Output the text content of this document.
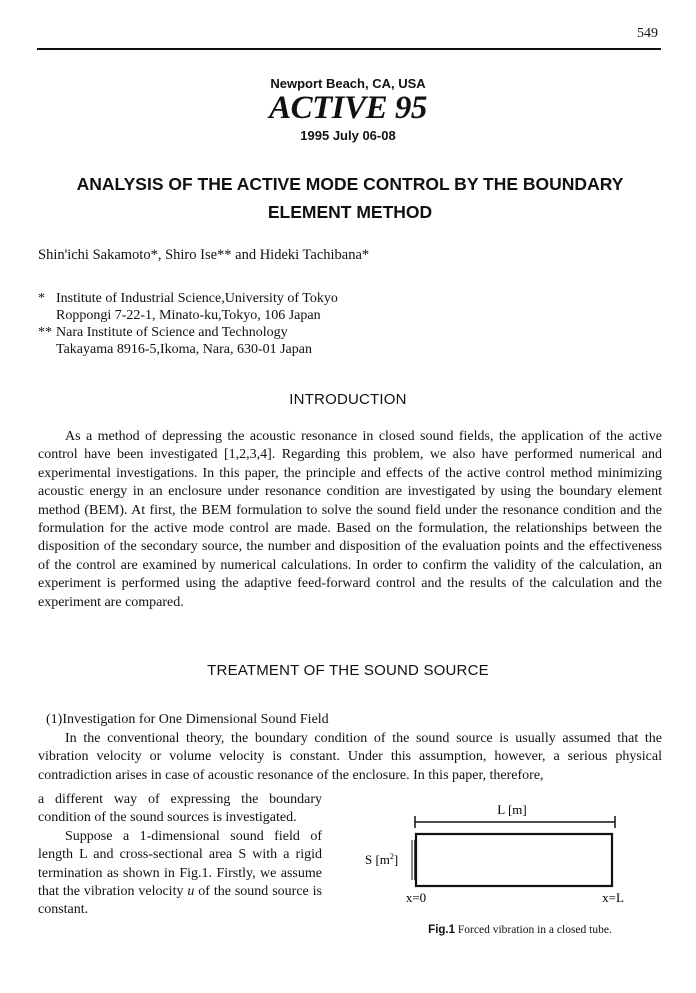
549
Newport Beach, CA, USA
ACTIVE 95
1995 July 06-08
ANALYSIS OF THE ACTIVE MODE CONTROL BY THE BOUNDARY
ELEMENT METHOD
Shin'ichi Sakamoto*, Shiro Ise** and Hideki Tachibana*
* Institute of Industrial Science,University of Tokyo
Roppongi 7-22-1, Minato-ku,Tokyo, 106 Japan
** Nara Institute of Science and Technology
Takayama 8916-5,Ikoma, Nara, 630-01 Japan
INTRODUCTION

As a method of depressing the acoustic resonance in closed sound fields, the application of the active control have been investigated [1,2,3,4]. Regarding this problem, we also have performed numerical and experimental investigations. In this paper, the principle and effects of the active control method minimizing acoustic energy in an enclosure under resonance condition are investigated by using the boundary element method (BEM). At first, the BEM formulation to solve the sound field under the resonance condition and the formulation for the active mode control are made. Based on the formulation, the relationships between the disposition of the secondary source, the number and disposition of the evaluation points and the effectiveness of the control are examined by numerical calculations. In order to confirm the validity of the calculation, an experiment is performed using the adaptive feed-forward control and the results of the calculation and the experiment are compared.

TREATMENT OF THE SOUND SOURCE
(1)Investigation for One Dimensional Sound Field

In the conventional theory, the boundary condition of the sound source is usually assumed that the vibration velocity or volume velocity is constant. Under this assumption, however, a serious physical contradiction arises in case of acoustic resonance of the enclosure. In this paper, therefore,

a different way of expressing the boundary condition of the sound sources is investigated.

Suppose a 1-dimensional sound field of length L and cross-sectional area S with a rigid termination as shown in Fig.1. Firstly, we assume that the vibration velocity u of the sound source is constant.

L [m]
S $[m^2]$
x=0	x=L
Fig.1 Forced vibration in a closed tube.
